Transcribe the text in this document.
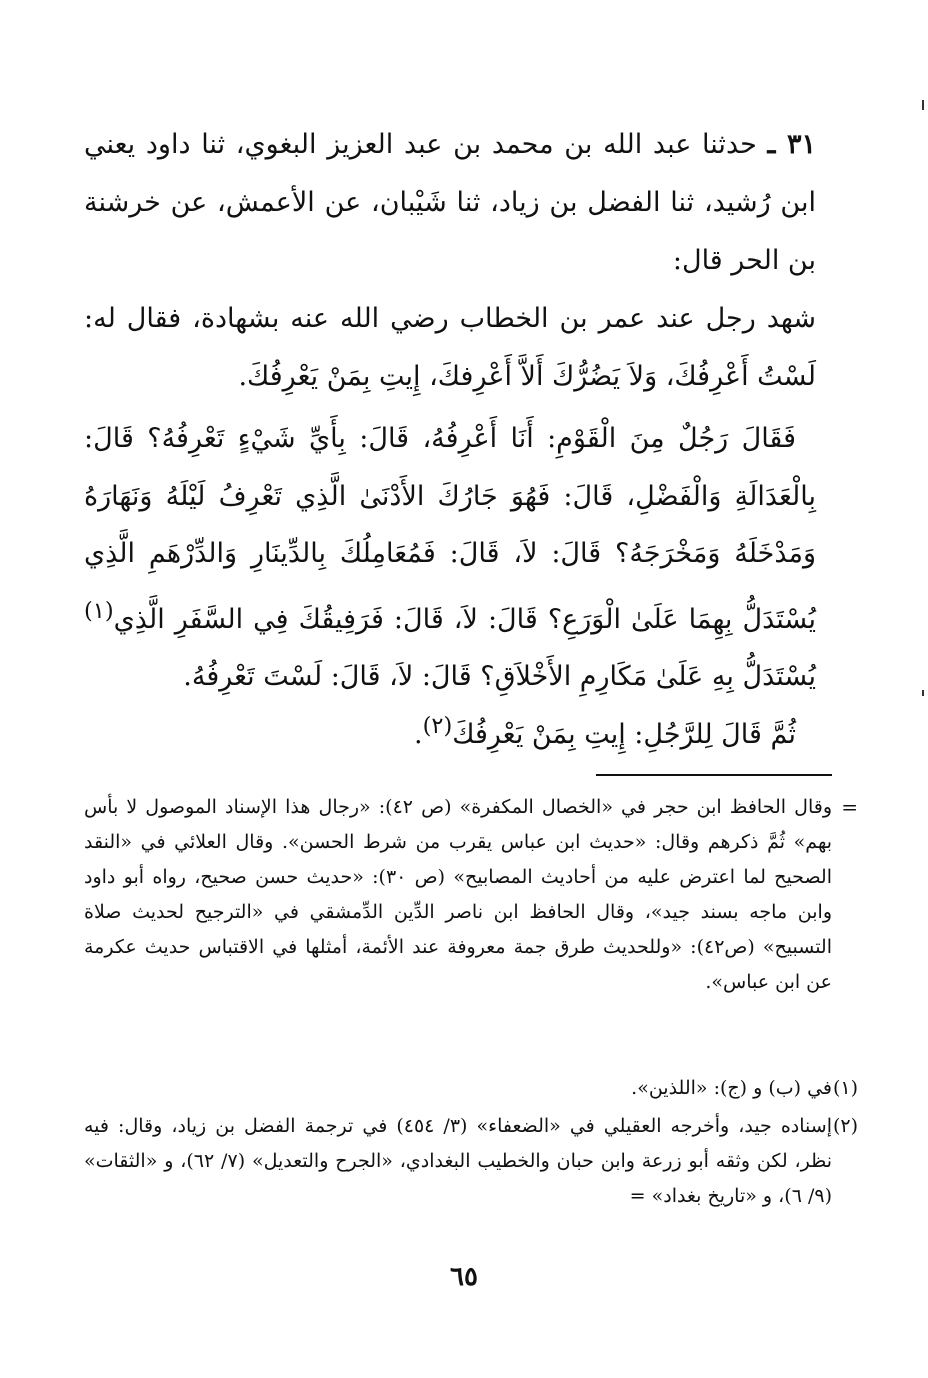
٣١ ـ حدثنا عبد الله بن محمد بن عبد العزيز البغوي، ثنا داود يعني ابن رُشيد، ثنا الفضل بن زياد، ثنا شَيْبان، عن الأعمش، عن خرشنة بن الحر قال:

شهد رجل عند عمر بن الخطاب رضي الله عنه بشهادة، فقال له: لَسْتُ أَعْرِفُكَ، وَلاَ يَضُرُّكَ أَلاَّ أَعْرِفكَ، إِيتِ بِمَنْ يَعْرِفُكَ.

فَقَالَ رَجُلٌ مِنَ الْقَوْمِ: أَنَا أَعْرِفُهُ، قَالَ: بِأَيِّ شَيْءٍ تَعْرِفُهُ؟ قَالَ: بِالْعَدَالَةِ وَالْفَضْلِ، قَالَ: فَهُوَ جَارُكَ الأَدْنَىٰ الَّذِي تَعْرِفُ لَيْلَهُ وَنَهَارَهُ وَمَدْخَلَهُ وَمَخْرَجَهُ؟ قَالَ: لاَ، قَالَ: فَمُعَامِلُكَ بِالدِّينَارِ وَالدِّرْهَمِ الَّذِي يُسْتَدَلُّ بِهِمَا عَلَىٰ الْوَرَعِ؟ قَالَ: لاَ، قَالَ: فَرَفِيقُكَ فِي السَّفَرِ الَّذِي$^{(١)}$ يُسْتَدَلُّ بِهِ عَلَىٰ مَكَارِمِ الأَخْلاَقِ؟ قَالَ: لاَ، قَالَ: لَسْتَ تَعْرِفُهُ.

ثُمَّ قَالَ لِلرَّجُلِ: إِيتِ بِمَنْ يَعْرِفُكَ$^{(٢)}$.

=

وقال الحافظ ابن حجر في «الخصال المكفرة» (ص ٤٢): «رجال هذا الإسناد الموصول لا بأس بهم» ثُمَّ ذكرهم وقال: «حديث ابن عباس يقرب من شرط الحسن». وقال العلائي في «النقد الصحيح لما اعترض عليه من أحاديث المصابيح» (ص ٣٠): «حديث حسن صحيح، رواه أبو داود وابن ماجه بسند جيد»، وقال الحافظ ابن ناصر الدِّين الدِّمشقي في «الترجيح لحديث صلاة التسبيح» (ص٤٢): «وللحديث طرق جمة معروفة عند الأئمة، أمثلها في الاقتباس حديث عكرمة عن ابن عباس».

(١)

في (ب) و (ج): «اللذين».

(٢)

إسناده جيد، وأخرجه العقيلي في «الضعفاء» (٣/ ٤٥٤) في ترجمة الفضل بن زياد، وقال: فيه نظر، لكن وثقه أبو زرعة وابن حبان والخطيب البغدادي، «الجرح والتعديل» (٧/ ٦٢)، و «الثقات» (٩/ ٦)، و «تاريخ بغداد» =

٦٥
